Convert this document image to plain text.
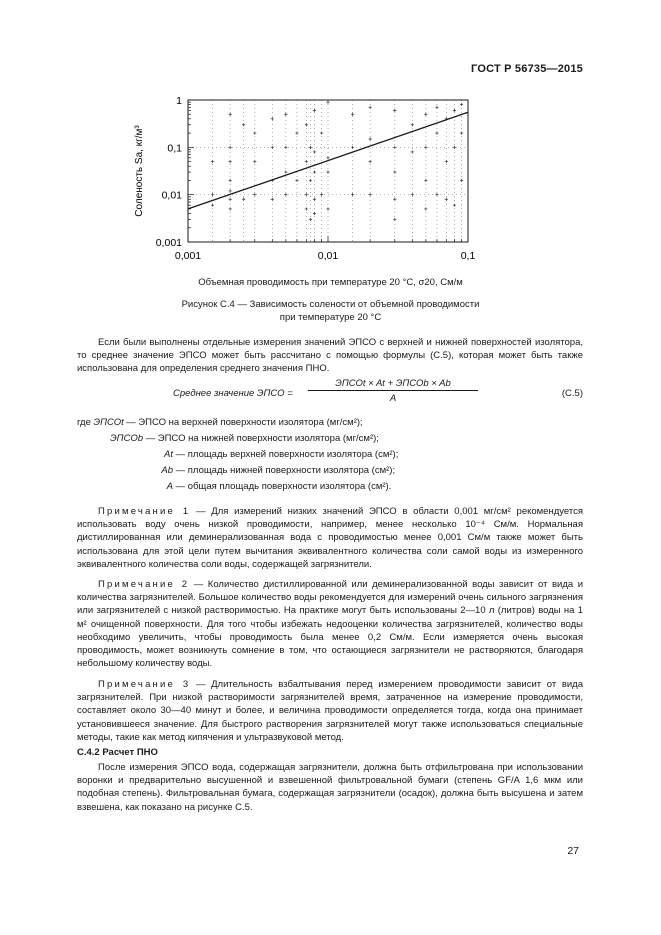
ГОСТ Р 56735—2015
1
0,1
0,01
0,001
0,001	0,01	0,1
Соленость Sa, кг/м³
Объемная проводимость при температуре 20 °C, σ20, См/м
Рисунок C.4 — Зависимость солености от объемной проводимости
при температуре 20 °C
Если были выполнены отдельные измерения значений ЭПСО с верхней и нижней поверхностей изолятора, то среднее значение ЭПСО может быть рассчитано с помощью формулы (C.5), которая может быть также использована для определения среднего значения ПНО.
Среднее значение ЭПСО =
ЭПСОt × At + ЭПСОb × Ab
A	(C.5)
где ЭПСОt — ЭПСО на верхней поверхности изолятора (мг/см²);
ЭПСОb — ЭПСО на нижней поверхности изолятора (мг/см²);
At — площадь верхней поверхности изолятора (см²);
Ab — площадь нижней поверхности изолятора (см²);
A — общая площадь поверхности изолятора (см²).
Примечание 1 — Для измерений низких значений ЭПСО в области 0,001 мг/см² рекомендуется использовать воду очень низкой проводимости, например, менее несколько 10⁻⁴ См/м. Нормальная дистиллированная или деминерализованная вода с проводимостью менее 0,001 См/м также может быть использована для этой цели путем вычитания эквивалентного количества соли самой воды из измеренного эквивалентного количества соли воды, содержащей загрязнители.
Примечание 2 — Количество дистиллированной или деминерализованной воды зависит от вида и количества загрязнителей. Большое количество воды рекомендуется для измерений очень сильного загрязнения или загрязнителей с низкой растворимостью. На практике могут быть использованы 2—10 л (литров) воды на 1 м² очищенной поверхности. Для того чтобы избежать недооценки количества загрязнителей, количество воды необходимо увеличить, чтобы проводимость была менее 0,2 См/м. Если измеряется очень высокая проводимость, может возникнуть сомнение в том, что остающиеся загрязнители не растворяются, благодаря небольшому количеству воды.
Примечание 3 — Длительность взбалтывания перед измерением проводимости зависит от вида загрязнителей. При низкой растворимости загрязнителей время, затраченное на измерение проводимости, составляет около 30—40 минут и более, и величина проводимости определяется тогда, когда она принимает установившееся значение. Для быстрого растворения загрязнителей могут также использоваться специальные методы, такие как метод кипячения и ультразвуковой метод.
C.4.2 Расчет ПНО
После измерения ЭПСО вода, содержащая загрязнители, должна быть отфильтрована при использовании воронки и предварительно высушенной и взвешенной фильтровальной бумаги (степень GF/A 1,6 мкм или подобная степень). Фильтровальная бумага, содержащая загрязнители (осадок), должна быть высушена и затем взвешена, как показано на рисунке C.5.
27
